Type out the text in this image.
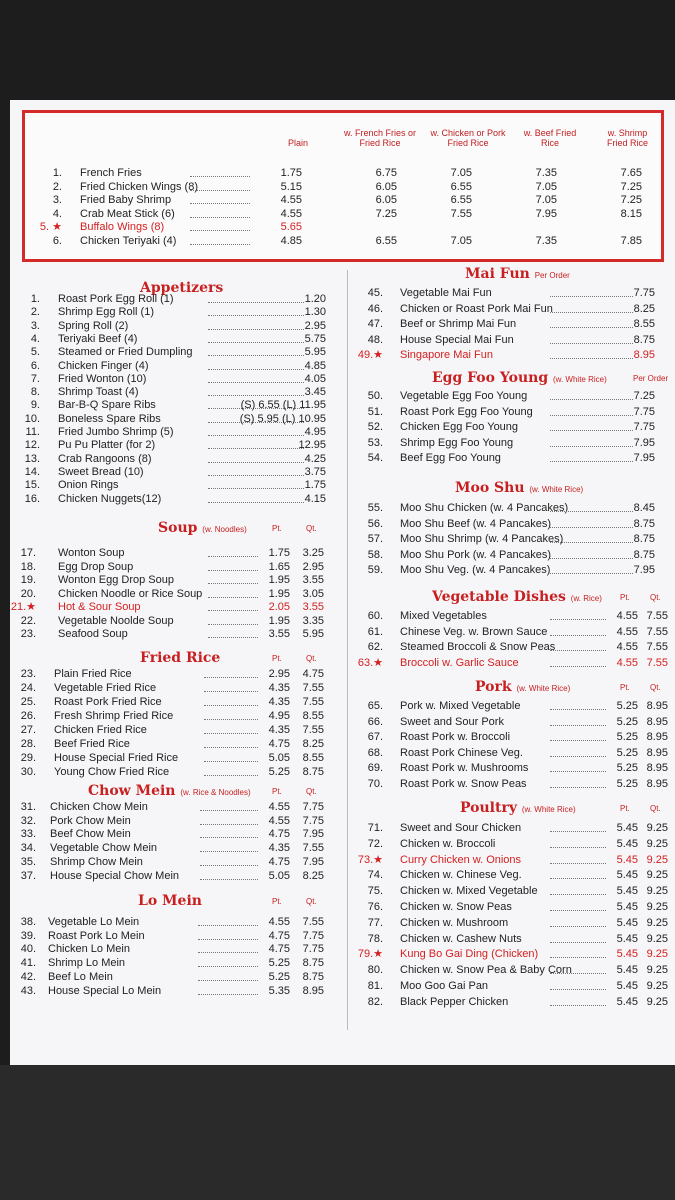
Plain
w. French Fries or Fried Rice
w. Chicken or Pork Fried Rice
w. Beef Fried Rice
w. Shrimp Fried Rice
1. French Fries	1.75	6.75	7.05	7.35	7.65
2. Fried Chicken Wings (8)	5.15	6.05	6.55	7.05	7.25
3. Fried Baby Shrimp	4.55	6.05	6.55	7.05	7.25
4. Crab Meat Stick (6)	4.55	7.25	7.55	7.95	8.15
5. ★ Buffalo Wings (8)	5.65
6. Chicken Teriyaki (4)	4.85	6.55	7.05	7.35	7.85
Appetizers
1. Roast Pork Egg Roll (1)	1.20
2. Shrimp Egg Roll (1)	1.30
3. Spring Roll (2)	2.95
4. Teriyaki Beef (4)	5.75
5. Steamed or Fried Dumpling	5.95
6. Chicken Finger (4)	4.85
7. Fried Wonton (10)	4.05
8. Shrimp Toast (4)	3.45
9. Bar-B-Q Spare Ribs	(S) 6.55 (L) 11.95
10. Boneless Spare Ribs	(S) 5.95 (L) 10.95
11. Fried Jumbo Shrimp (5)	4.95
12. Pu Pu Platter (for 2)	12.95
13. Crab Rangoons (8)	4.25
14. Sweet Bread (10)	3.75
15. Onion Rings	1.75
16. Chicken Nuggets(12)	4.15
Soup (w. Noodles)	Pt.	Qt.
17. Wonton Soup	1.75	3.25
18. Egg Drop Soup	1.65	2.95
19. Wonton Egg Drop Soup	1.95	3.55
20. Chicken Noodle or Rice Soup	1.95	3.05
21.★ Hot & Sour Soup	2.05	3.55
22. Vegetable Noolde Soup	1.95	3.35
23. Seafood Soup	3.55	5.95
Fried Rice	Pt.	Qt.
23. Plain Fried Rice	2.95	4.75
24. Vegetable Fried Rice	4.35	7.55
25. Roast Pork Fried Rice	4.35	7.55
26. Fresh Shrimp Fried Rice	4.95	8.55
27. Chicken Fried Rice	4.35	7.55
28. Beef Fried Rice	4.75	8.25
29. House Special Fried Rice	5.05	8.55
30. Young Chow Fried Rice	5.25	8.75
Chow Mein (w. Rice & Noodles)	Pt.	Qt.
31. Chicken Chow Mein	4.55	7.75
32. Pork Chow Mein	4.55	7.75
33. Beef Chow Mein	4.75	7.95
34. Vegetable Chow Mein	4.35	7.55
35. Shrimp Chow Mein	4.75	7.95
37. House Special Chow Mein	5.05	8.25
Lo Mein	Pt.	Qt.
38. Vegetable Lo Mein	4.55	7.55
39. Roast Pork Lo Mein	4.75	7.75
40. Chicken Lo Mein	4.75	7.75
41. Shrimp Lo Mein	5.25	8.75
42. Beef Lo Mein	5.25	8.75
43. House Special Lo Mein	5.35	8.95
Mai Fun Per Order
45. Vegetable Mai Fun	7.75
46. Chicken or Roast Pork Mai Fun	8.25
47. Beef or Shrimp Mai Fun	8.55
48. House Special Mai Fun	8.75
49.★ Singapore Mai Fun	8.95
Egg Foo Young (w. White Rice)	Per Order
50. Vegetable Egg Foo Young	7.25
51. Roast Pork Egg Foo Young	7.75
52. Chicken Egg Foo Young	7.75
53. Shrimp Egg Foo Young	7.95
54. Beef Egg Foo Young	7.95
Moo Shu (w. White Rice)
55. Moo Shu Chicken (w. 4 Pancakes)	8.45
56. Moo Shu Beef (w. 4 Pancakes)	8.75
57. Moo Shu Shrimp (w. 4 Pancakes)	8.75
58. Moo Shu Pork (w. 4 Pancakes)	8.75
59. Moo Shu Veg. (w. 4 Pancakes)	7.95
Vegetable Dishes (w. Rice) Pt.	Qt.
60. Mixed Vegetables	4.55 7.55
61. Chinese Veg. w. Brown Sauce	4.55 7.55
62. Steamed Broccoli & Snow Peas	4.55 7.55
63.★ Broccoli w. Garlic Sauce	4.55 7.55
Pork (w. White Rice)	Pt.	Qt.
65. Pork w. Mixed Vegetable	5.25 8.95
66. Sweet and Sour Pork	5.25 8.95
67. Roast Pork w. Broccoli	5.25 8.95
68. Roast Pork Chinese Veg.	5.25 8.95
69. Roast Pork w. Mushrooms	5.25 8.95
70. Roast Pork w. Snow Peas	5.25 8.95
Poultry (w. White Rice)	Pt.	Qt.
71. Sweet and Sour Chicken	5.45 9.25
72. Chicken w. Broccoli	5.45 9.25
73.★ Curry Chicken w. Onions	5.45 9.25
74. Chicken w. Chinese Veg.	5.45 9.25
75. Chicken w. Mixed Vegetable	5.45 9.25
76. Chicken w. Snow Peas	5.45 9.25
77. Chicken w. Mushroom	5.45 9.25
78. Chicken w. Cashew Nuts	5.45 9.25
79.★ Kung Bo Gai Ding (Chicken)	5.45 9.25
80. Chicken w. Snow Pea & Baby Corn	5.45 9.25
81. Moo Goo Gai Pan	5.45 9.25
82. Black Pepper Chicken	5.45 9.25
